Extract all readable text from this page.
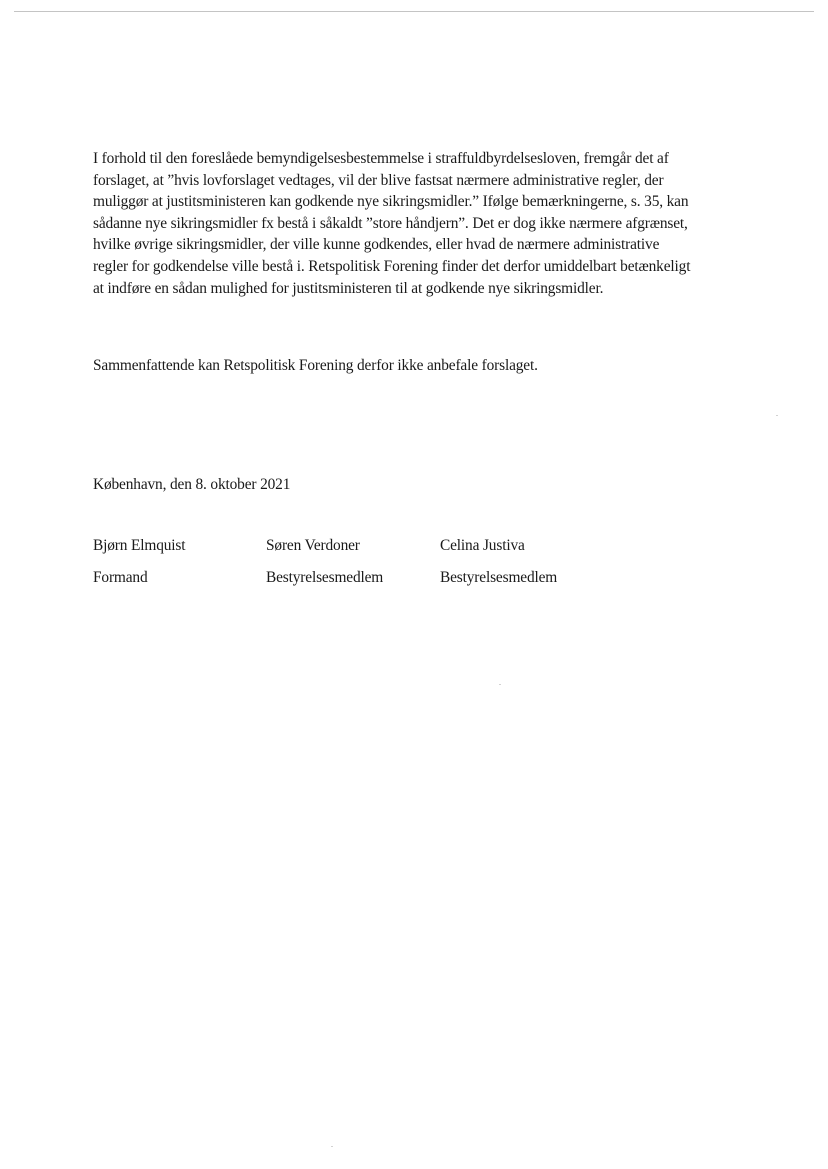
I forhold til den foreslåede bemyndigelsesbestemmelse i straffuldbyrdelsesloven, fremgår det af
forslaget, at ”hvis lovforslaget vedtages, vil der blive fastsat nærmere administrative regler, der
muliggør at justitsministeren kan godkende nye sikringsmidler.” Ifølge bemærkningerne, s. 35, kan
sådanne nye sikringsmidler fx bestå i såkaldt ”store håndjern”. Det er dog ikke nærmere afgrænset,
hvilke øvrige sikringsmidler, der ville kunne godkendes, eller hvad de nærmere administrative
regler for godkendelse ville bestå i. Retspolitisk Forening finder det derfor umiddelbart betænkeligt
at indføre en sådan mulighed for justitsministeren til at godkende nye sikringsmidler.
Sammenfattende kan Retspolitisk Forening derfor ikke anbefale forslaget.
København, den 8. oktober 2021
Bjørn Elmquist
Formand
Søren Verdoner
Bestyrelsesmedlem
Celina Justiva
Bestyrelsesmedlem
